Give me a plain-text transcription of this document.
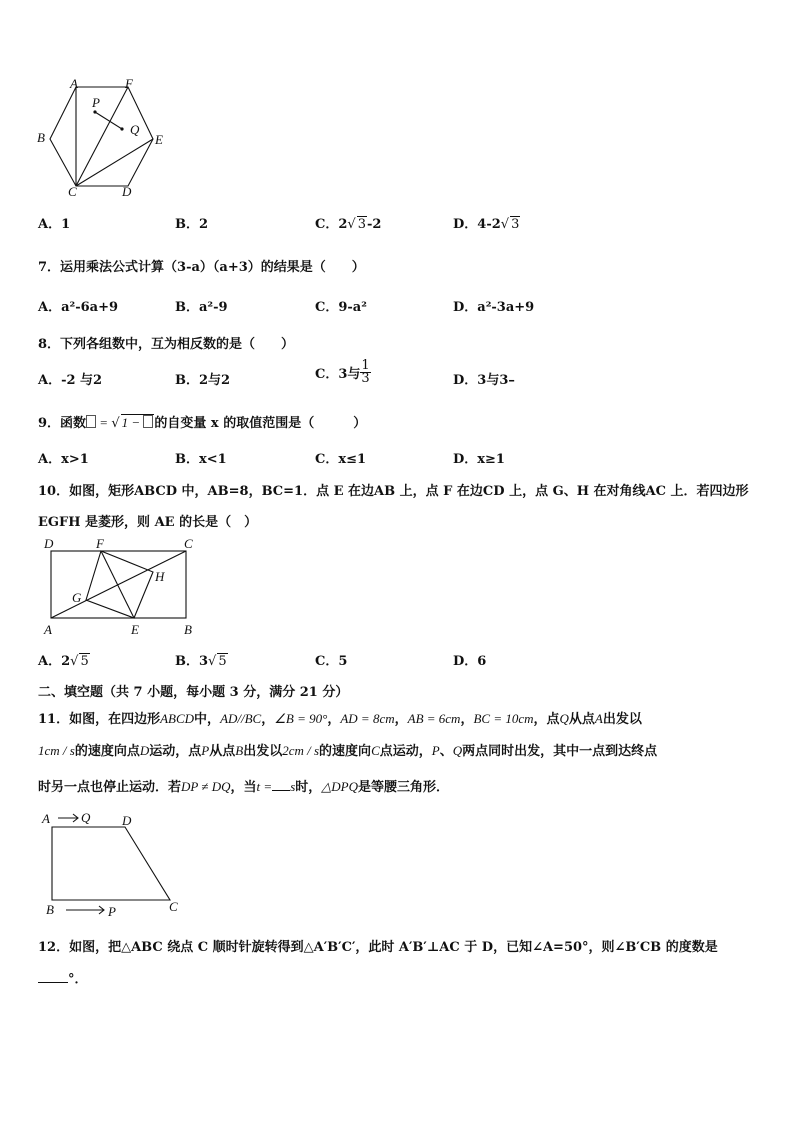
A	F
P
Q
B	E
C	D
A．1	B．2	C．2√ 3-2	D．4-2√ 3
7．运用乘法公式计算（3-a）（a+3）的结果是（　　）
A．a²-6a+9	B．a²-9	C．9-a²	D．a²-3a+9
8．下列各组数中，互为相反数的是（　　）
A．-2 与2	B．2与2	C．3与 $\frac{1}{3}$	D．3与3–
9．函数 = √ 1 − 的自变量 x 的取值范围是（　　　）
A．x>1	B．x<1	C．x≤1	D．x≥1
10．如图，矩形ABCD 中，AB=8，BC=1．点 E 在边AB 上，点 F 在边CD 上，点 G、H 在对角线AC 上．若四边形
EGFH 是菱形，则 AE 的长是（　）
D	F	C
H
G
A	E	B
A．2√ 5	B．3√ 5	C．5	D．6
二、填空题（共 7 小题，每小题 3 分，满分 21 分）
11．如图，在四边形ABCD中，AD//BC，∠B = 90°，AD = 8cm，AB = 6cm，BC = 10cm，点Q从点A出发以
1cm / s的速度向点D运动，点P从点B出发以2cm / s的速度向C点运动，P、Q两点同时出发，其中一点到达终点
时另一点也停止运动．若DP ≠ DQ，当t = s时，△DPQ是等腰三角形．
A Q D
B	P	C
12．如图，把△ABC 绕点 C 顺时针旋转得到△A′B′C′，此时 A′B′⊥AC 于 D，已知∠A=50°，则∠B′CB 的度数是
°．
